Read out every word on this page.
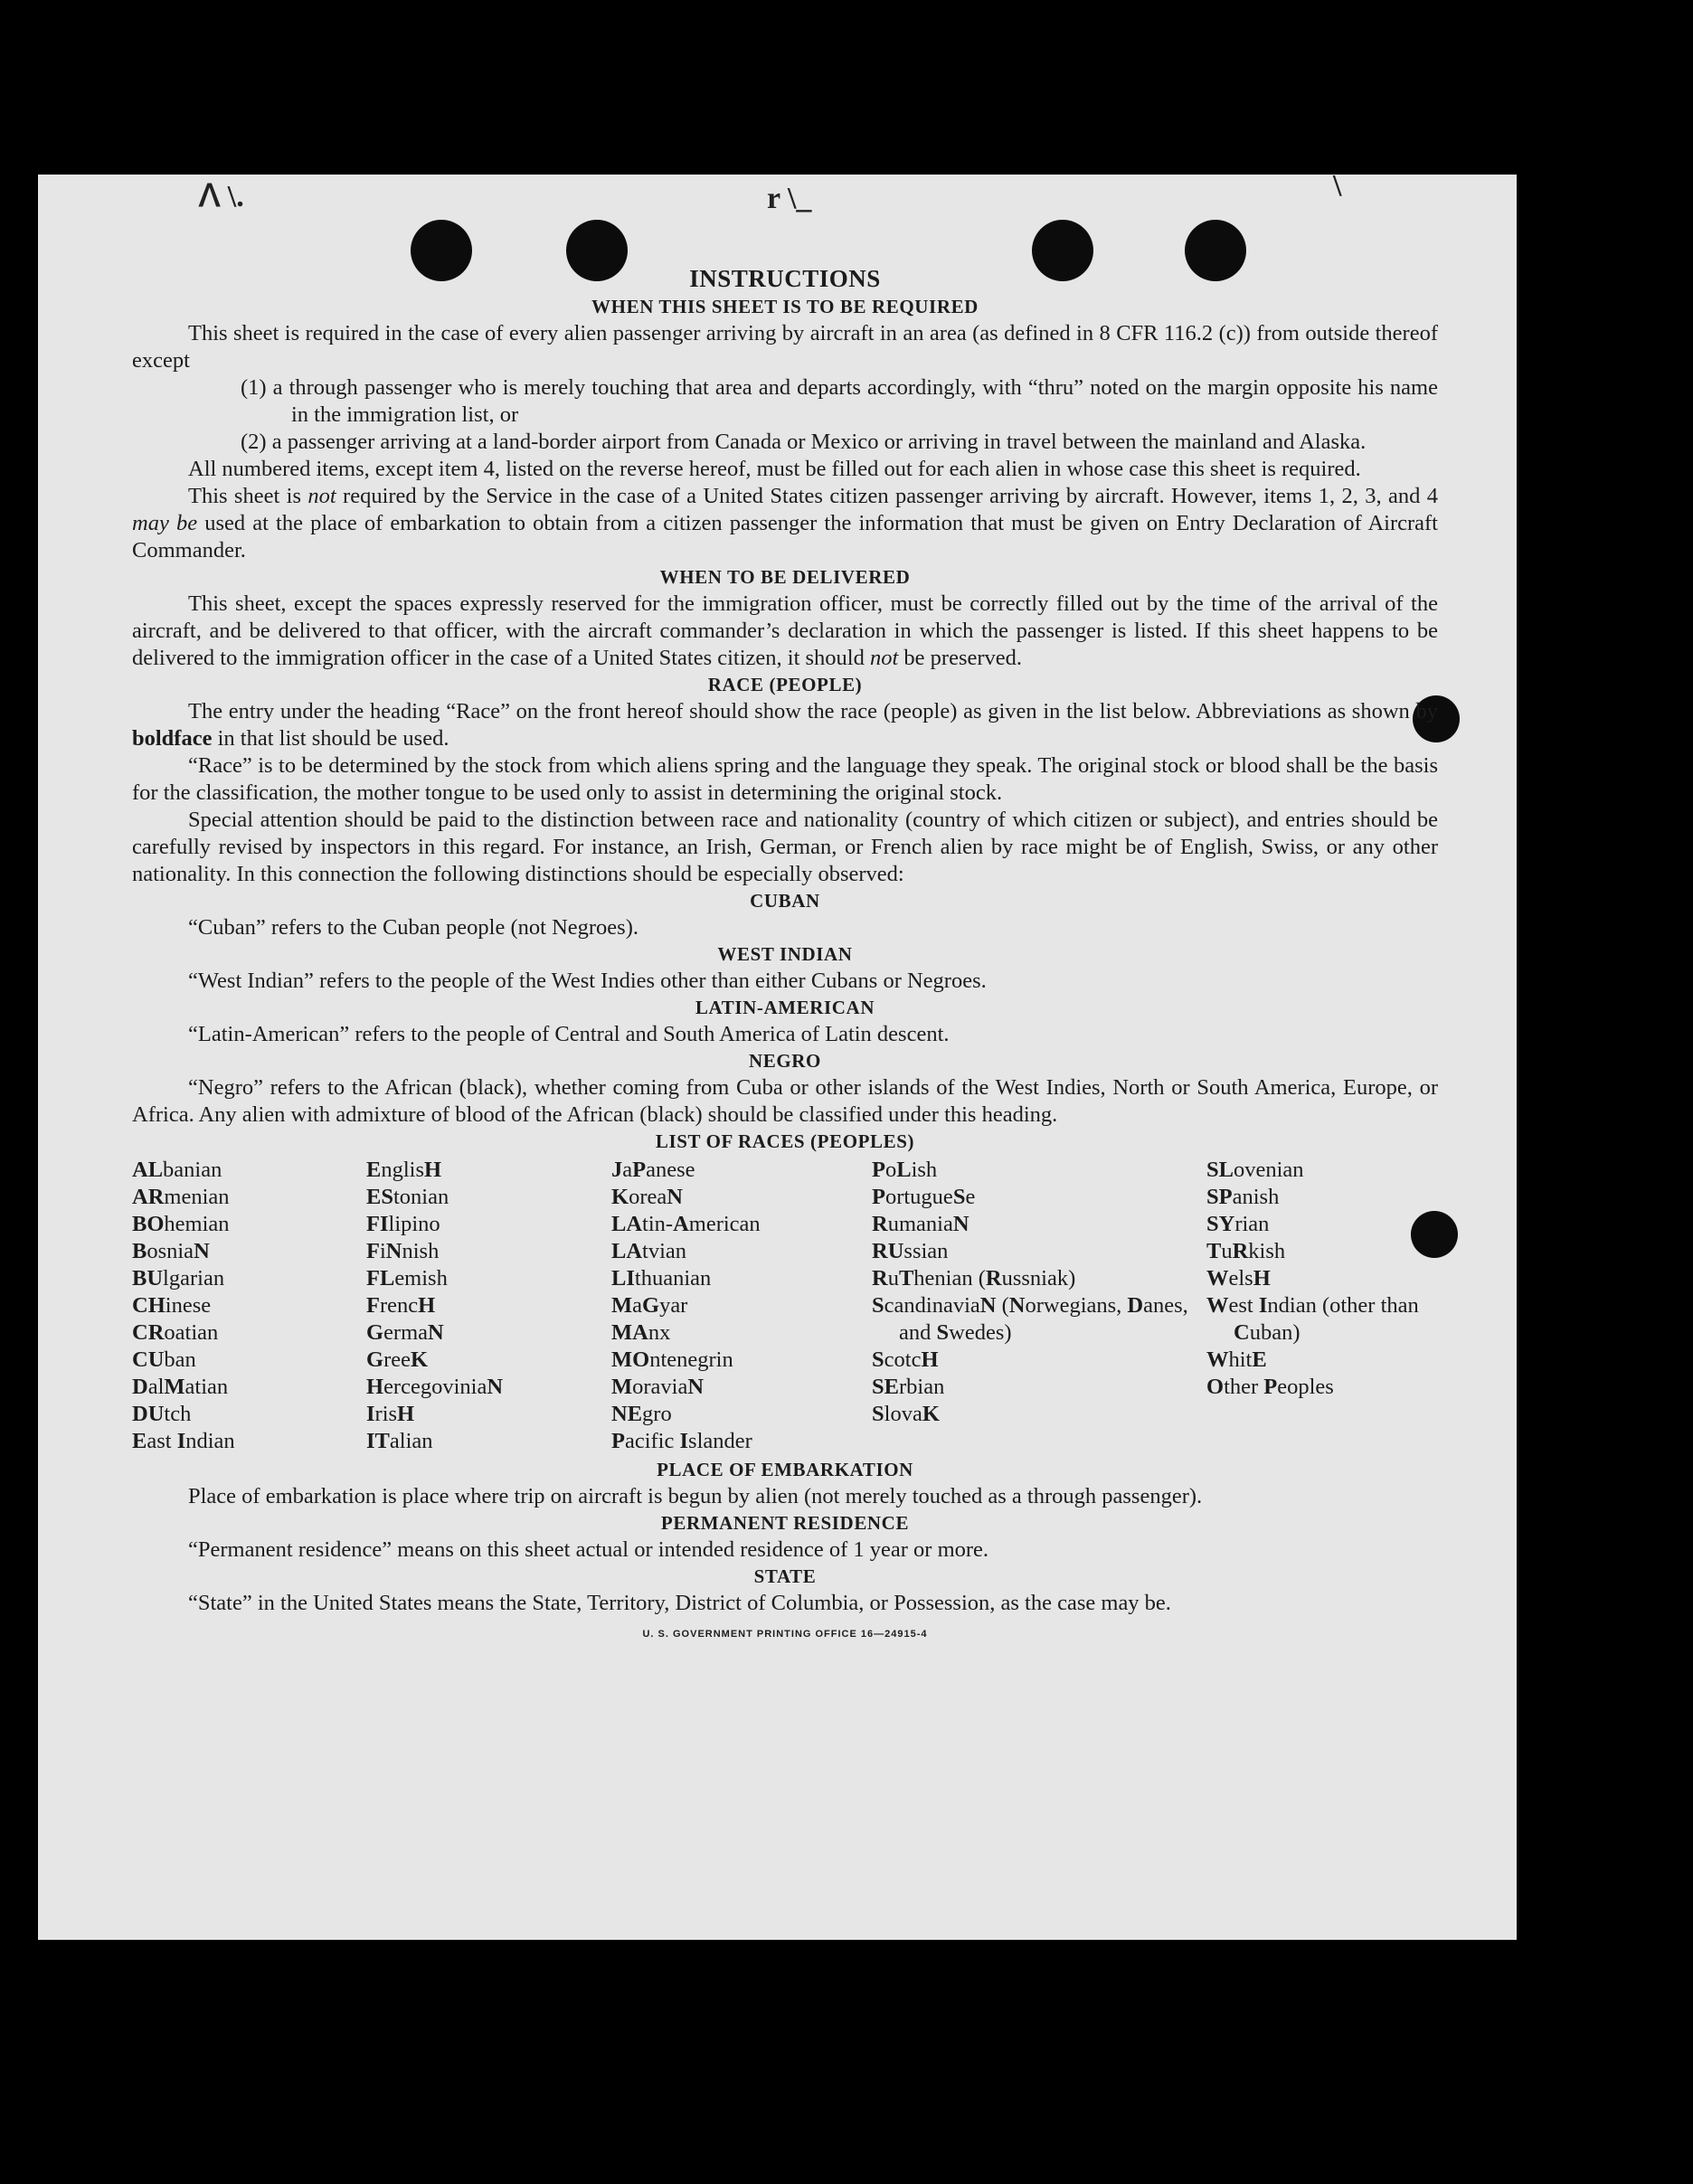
ᐱ \.	r \_	\
INSTRUCTIONS
WHEN THIS SHEET IS TO BE REQUIRED

This sheet is required in the case of every alien passenger arriving by aircraft in an area (as defined in 8 CFR 116.2 (c)) from outside thereof except

(1) a through passenger who is merely touching that area and departs accordingly, with “thru” noted on the margin opposite his name in the immigration list, or

(2) a passenger arriving at a land-border airport from Canada or Mexico or arriving in travel between the mainland and Alaska.

All numbered items, except item 4, listed on the reverse hereof, must be filled out for each alien in whose case this sheet is required.

This sheet is not required by the Service in the case of a United States citizen passenger arriving by aircraft. However, items 1, 2, 3, and 4 may be used at the place of embarkation to obtain from a citizen passenger the information that must be given on Entry Declaration of Aircraft Commander.

WHEN TO BE DELIVERED

This sheet, except the spaces expressly reserved for the immigration officer, must be correctly filled out by the time of the arrival of the aircraft, and be delivered to that officer, with the aircraft commander’s declaration in which the passenger is listed. If this sheet happens to be delivered to the immigration officer in the case of a United States citizen, it should not be preserved.

RACE (PEOPLE)

The entry under the heading “Race” on the front hereof should show the race (people) as given in the list below. Abbreviations as shown by boldface in that list should be used.

“Race” is to be determined by the stock from which aliens spring and the language they speak. The original stock or blood shall be the basis for the classification, the mother tongue to be used only to assist in determining the original stock.

Special attention should be paid to the distinction between race and nationality (country of which citizen or subject), and entries should be carefully revised by inspectors in this regard. For instance, an Irish, German, or French alien by race might be of English, Swiss, or any other nationality. In this connection the following distinctions should be especially observed:

CUBAN

“Cuban” refers to the Cuban people (not Negroes).

WEST INDIAN

“West Indian” refers to the people of the West Indies other than either Cubans or Negroes.

LATIN-AMERICAN

“Latin-American” refers to the people of Central and South America of Latin descent.

NEGRO

“Negro” refers to the African (black), whether coming from Cuba or other islands of the West Indies, North or South America, Europe, or Africa. Any alien with admixture of blood of the African (black) should be classified under this heading.

LIST OF RACES (PEOPLES)
ALbanian
ARmenian
BOhemian
BosniaN
BUlgarian
CHinese
CRoatian
CUban
DalMatian
DUtch
East Indian
EnglisH
EStonian
FIlipino
FiNnish
FLemish
FrencH
GermaN
GreeK
HercegoviniaN
IrisH
ITalian
JaPanese
KoreaN
LAtin-American
LAtvian
LIthuanian
MaGyar
MAnx
MOntenegrin
MoraviaN
NEgro
Pacific Islander
PoLish
PortugueSe
RumaniaN
RUssian
RuThenian (Russniak)
ScandinaviaN (Norwegians, Danes, and Swedes)
ScotcH
SErbian
SlovaK
SLovenian
SPanish
SYrian
TuRkish
WelsH
West Indian (other than Cuban)
WhitE
Other Peoples
PLACE OF EMBARKATION

Place of embarkation is place where trip on aircraft is begun by alien (not merely touched as a through passenger).

PERMANENT RESIDENCE

“Permanent residence” means on this sheet actual or intended residence of 1 year or more.

STATE

“State” in the United States means the State, Territory, District of Columbia, or Possession, as the case may be.

U. S. GOVERNMENT PRINTING OFFICE 16—24915-4
